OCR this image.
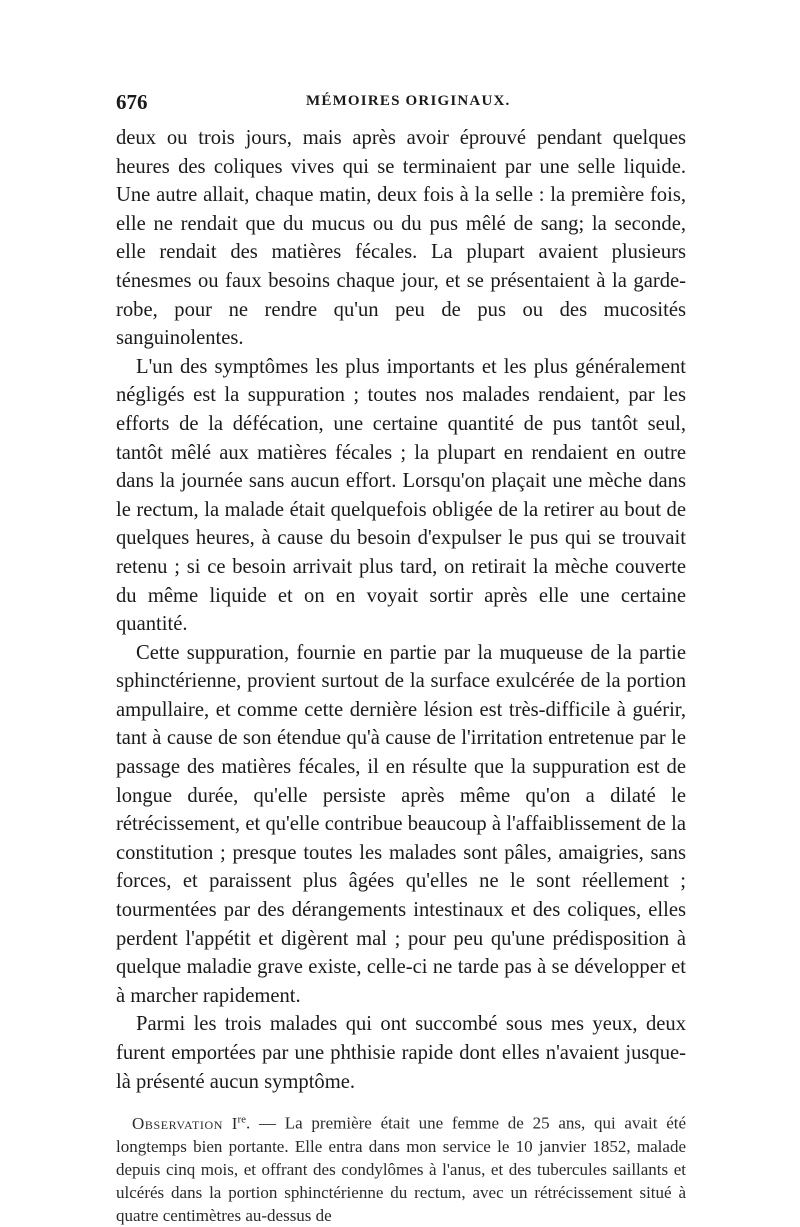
676	MÉMOIRES ORIGINAUX.

deux ou trois jours, mais après avoir éprouvé pendant quelques heures des coliques vives qui se terminaient par une selle liquide. Une autre allait, chaque matin, deux fois à la selle : la première fois, elle ne rendait que du mucus ou du pus mêlé de sang; la seconde, elle rendait des matières fécales. La plupart avaient plusieurs ténesmes ou faux besoins chaque jour, et se présentaient à la garde-robe, pour ne rendre qu'un peu de pus ou des mucosités sanguinolentes.

L'un des symptômes les plus importants et les plus généralement négligés est la suppuration ; toutes nos malades rendaient, par les efforts de la défécation, une certaine quantité de pus tantôt seul, tantôt mêlé aux matières fécales ; la plupart en rendaient en outre dans la journée sans aucun effort. Lorsqu'on plaçait une mèche dans le rectum, la malade était quelquefois obligée de la retirer au bout de quelques heures, à cause du besoin d'expulser le pus qui se trouvait retenu ; si ce besoin arrivait plus tard, on retirait la mèche couverte du même liquide et on en voyait sortir après elle une certaine quantité.

Cette suppuration, fournie en partie par la muqueuse de la partie sphinctérienne, provient surtout de la surface exulcérée de la portion ampullaire, et comme cette dernière lésion est très-difficile à guérir, tant à cause de son étendue qu'à cause de l'irritation entretenue par le passage des matières fécales, il en résulte que la suppuration est de longue durée, qu'elle persiste après même qu'on a dilaté le rétrécissement, et qu'elle contribue beaucoup à l'affaiblissement de la constitution ; presque toutes les malades sont pâles, amaigries, sans forces, et paraissent plus âgées qu'elles ne le sont réellement ; tourmentées par des dérangements intestinaux et des coliques, elles perdent l'appétit et digèrent mal ; pour peu qu'une prédisposition à quelque maladie grave existe, celle-ci ne tarde pas à se développer et à marcher rapidement.

Parmi les trois malades qui ont succombé sous mes yeux, deux furent emportées par une phthisie rapide dont elles n'avaient jusque-là présenté aucun symptôme.

Observation Ire. — La première était une femme de 25 ans, qui avait été longtemps bien portante. Elle entra dans mon service le 10 janvier 1852, malade depuis cinq mois, et offrant des condylômes à l'anus, et des tubercules saillants et ulcérés dans la portion sphinctérienne du rectum, avec un rétrécissement situé à quatre centimètres au-dessus de
